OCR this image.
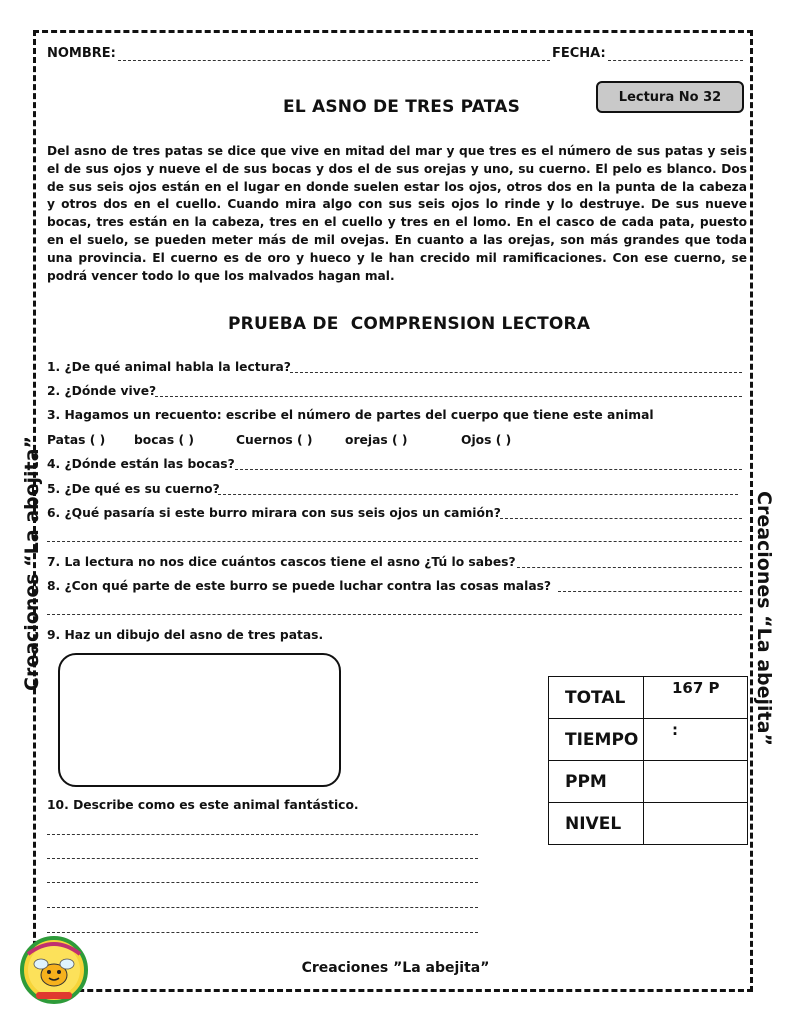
NOMBRE:	FECHA:
EL ASNO DE TRES PATAS	Lectura No 32
Del asno de tres patas se dice que vive en mitad del mar y que tres es el número de sus patas y seis el de sus ojos y nueve el de sus bocas y dos el de sus orejas y uno, su cuerno. El pelo es blanco. Dos de sus seis ojos están en el lugar en donde suelen estar los ojos, otros dos en la punta de la cabeza y otros dos en el cuello. Cuando mira algo con sus seis ojos lo rinde y lo destruye. De sus nueve bocas, tres están en la cabeza, tres en el cuello y tres en el lomo. En el casco de cada pata, puesto en el suelo, se pueden meter más de mil ovejas. En cuanto a las orejas, son más grandes que toda una provincia. El cuerno es de oro y hueco y le han crecido mil ramificaciones. Con ese cuerno, se podrá vencer todo lo que los malvados hagan mal.
PRUEBA DE  COMPRENSION LECTORA
1. ¿De qué animal habla la lectura?
2. ¿Dónde vive?
3. Hagamos un recuento: escribe el número de partes del cuerpo que tiene este animal
Patas ( ) bocas ( )	Cuernos ( )	orejas ( )	Ojos ( )
4. ¿Dónde están las bocas?
5. ¿De qué es su cuerno?
6. ¿Qué pasaría si este burro mirara con sus seis ojos un camión?
7. La lectura no nos dice cuántos cascos tiene el asno ¿Tú lo sabes?
8. ¿Con qué parte de este burro se puede luchar contra las cosas malas?
9. Haz un dibujo del asno de tres patas.
TOTAL	167 P
TIEMPO	:
PPM	
NIVEL	
10. Describe como es este animal fantástico.
Creaciones “La abejita”	Creaciones “La abejita”
Creaciones ”La abejita”
